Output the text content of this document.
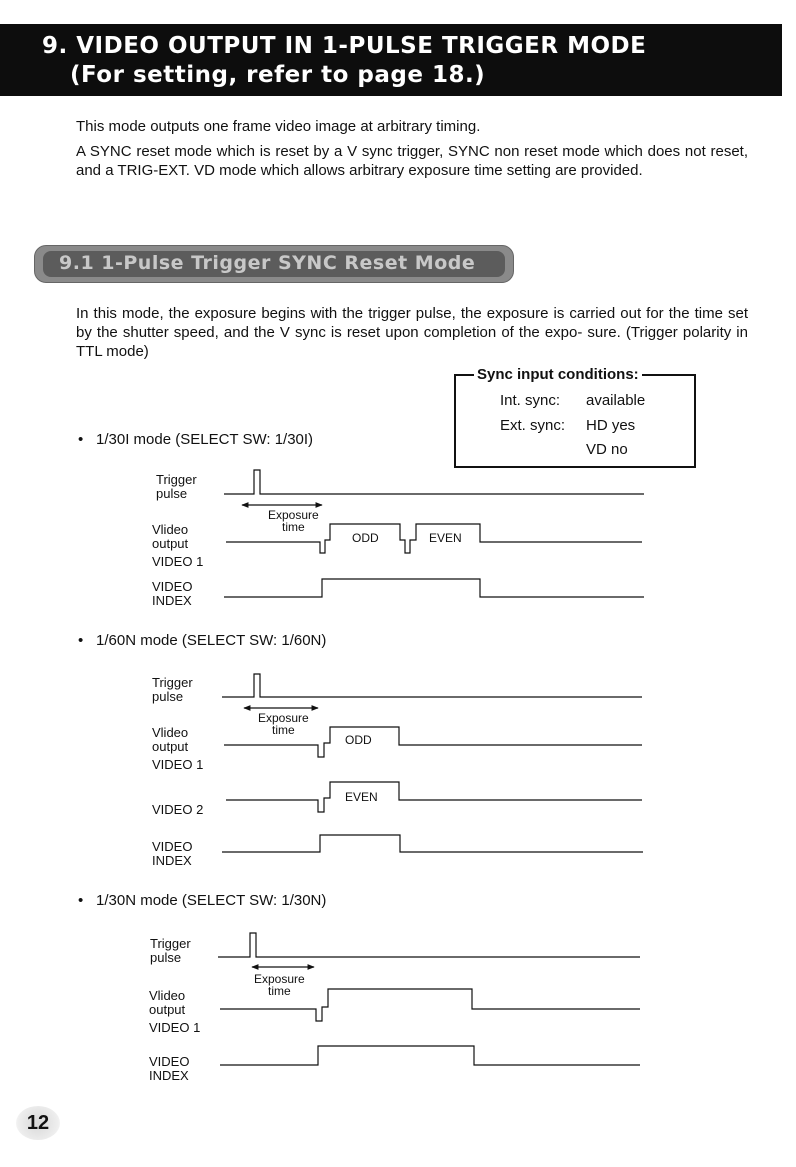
9. VIDEO OUTPUT IN 1-PULSE TRIGGER MODE
(For setting, refer to page 18.)

This mode outputs one frame video image at arbitrary timing.

A SYNC reset mode which is reset by a V sync trigger, SYNC non reset mode which does not reset, and a TRIG-EXT. VD mode which allows arbitrary exposure time setting are provided.

9.1 1-Pulse Trigger SYNC Reset Mode

In this mode, the exposure begins with the trigger pulse, the exposure is carried out for the time set by the shutter speed, and the V sync is reset upon completion of the expo- sure. (Trigger polarity in TTL mode)

Sync input conditions:
Int. sync: available
Ext. sync: HD yes
VD no
• 1/30I mode (SELECT SW: 1/30I)
Trigger
pulse
Vlideo
output
VIDEO 1
VIDEO
INDEX
Exposure
time
ODD	EVEN
• 1/60N mode (SELECT SW: 1/60N)
Trigger
pulse
Vlideo
output
VIDEO 1
VIDEO 2
VIDEO
INDEX
Exposure
time
ODD
EVEN
• 1/30N mode (SELECT SW: 1/30N)
Trigger
pulse
Vlideo
output
VIDEO 1
VIDEO
INDEX
Exposure
time
12
